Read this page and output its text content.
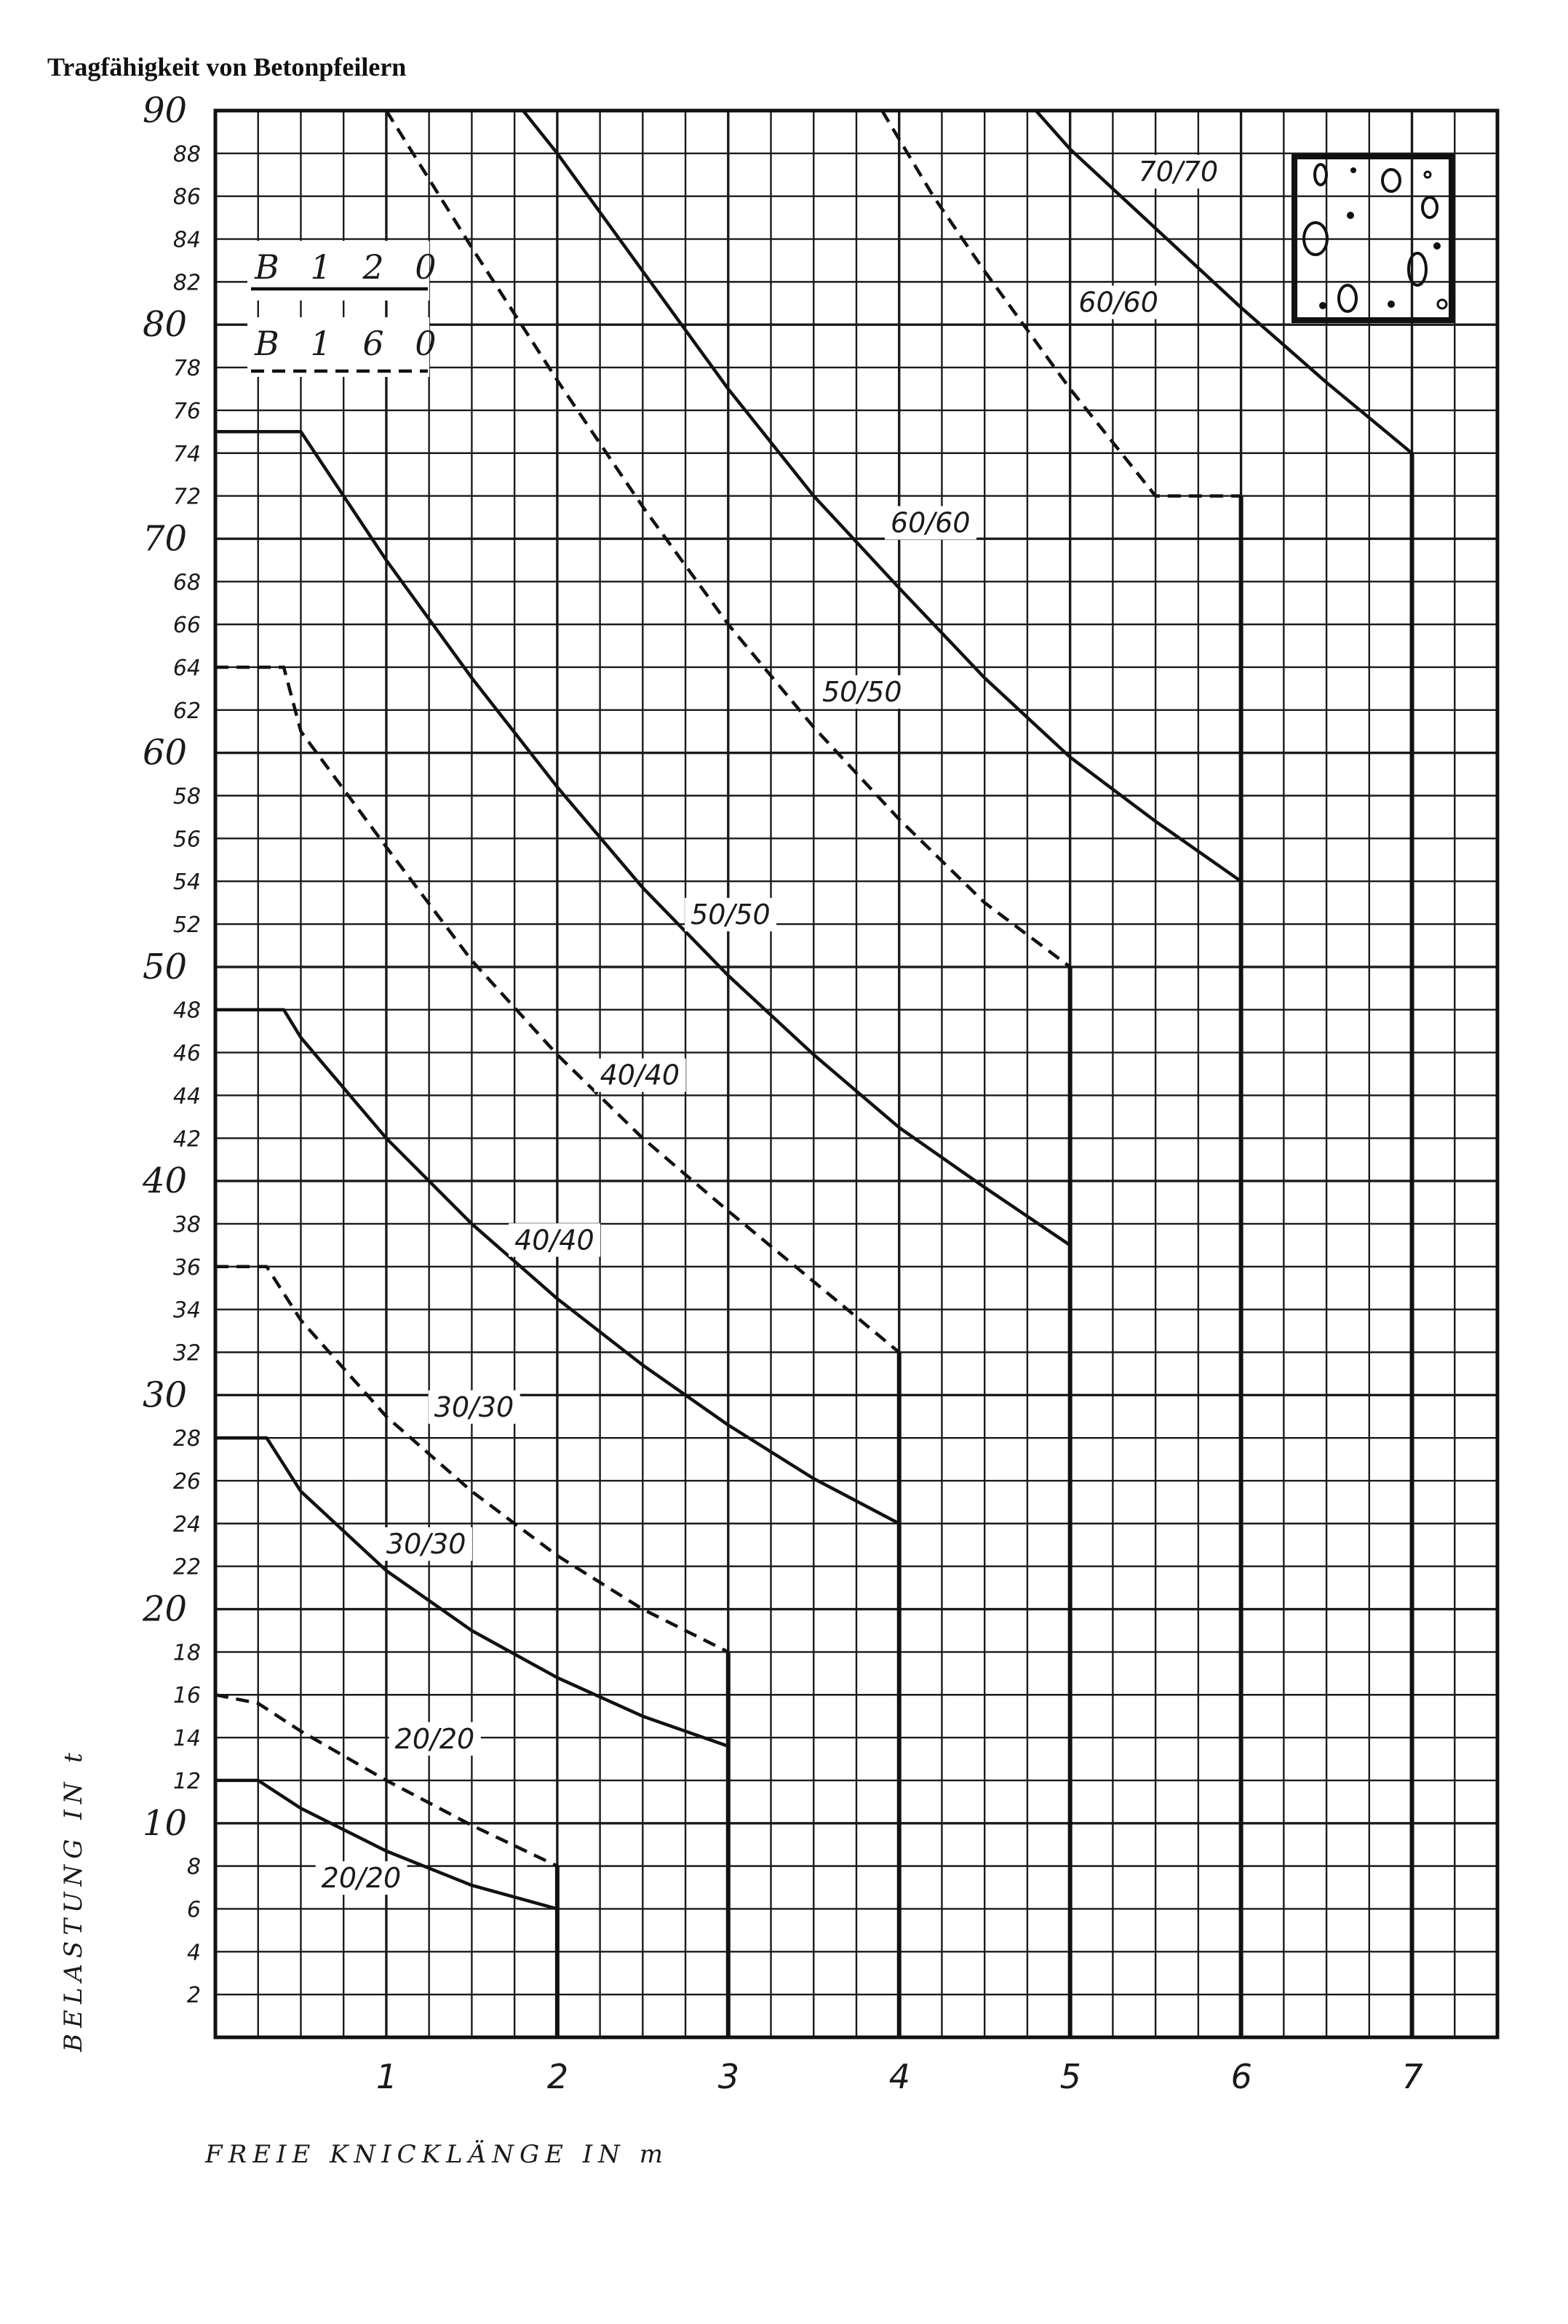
Tragfähigkeit von Betonpfeilern
B 1 2 0
B 1 6 0
20/20
20/20
30/30
30/30
40/40
40/40
50/50
50/50
60/60
60/60
70/70
10
20
30
40
50
60
70
80
90
2
4
6
8
12
14
16
18
22
24
26
28
32
34
36
38
42
44
46
48
52
54
56
58
62
64
66
68
72
74
76
78
82
84
86
88
1	2	3	4	5	6	7
FREIE KNICKLÄNGE IN m
BELASTUNG IN t
